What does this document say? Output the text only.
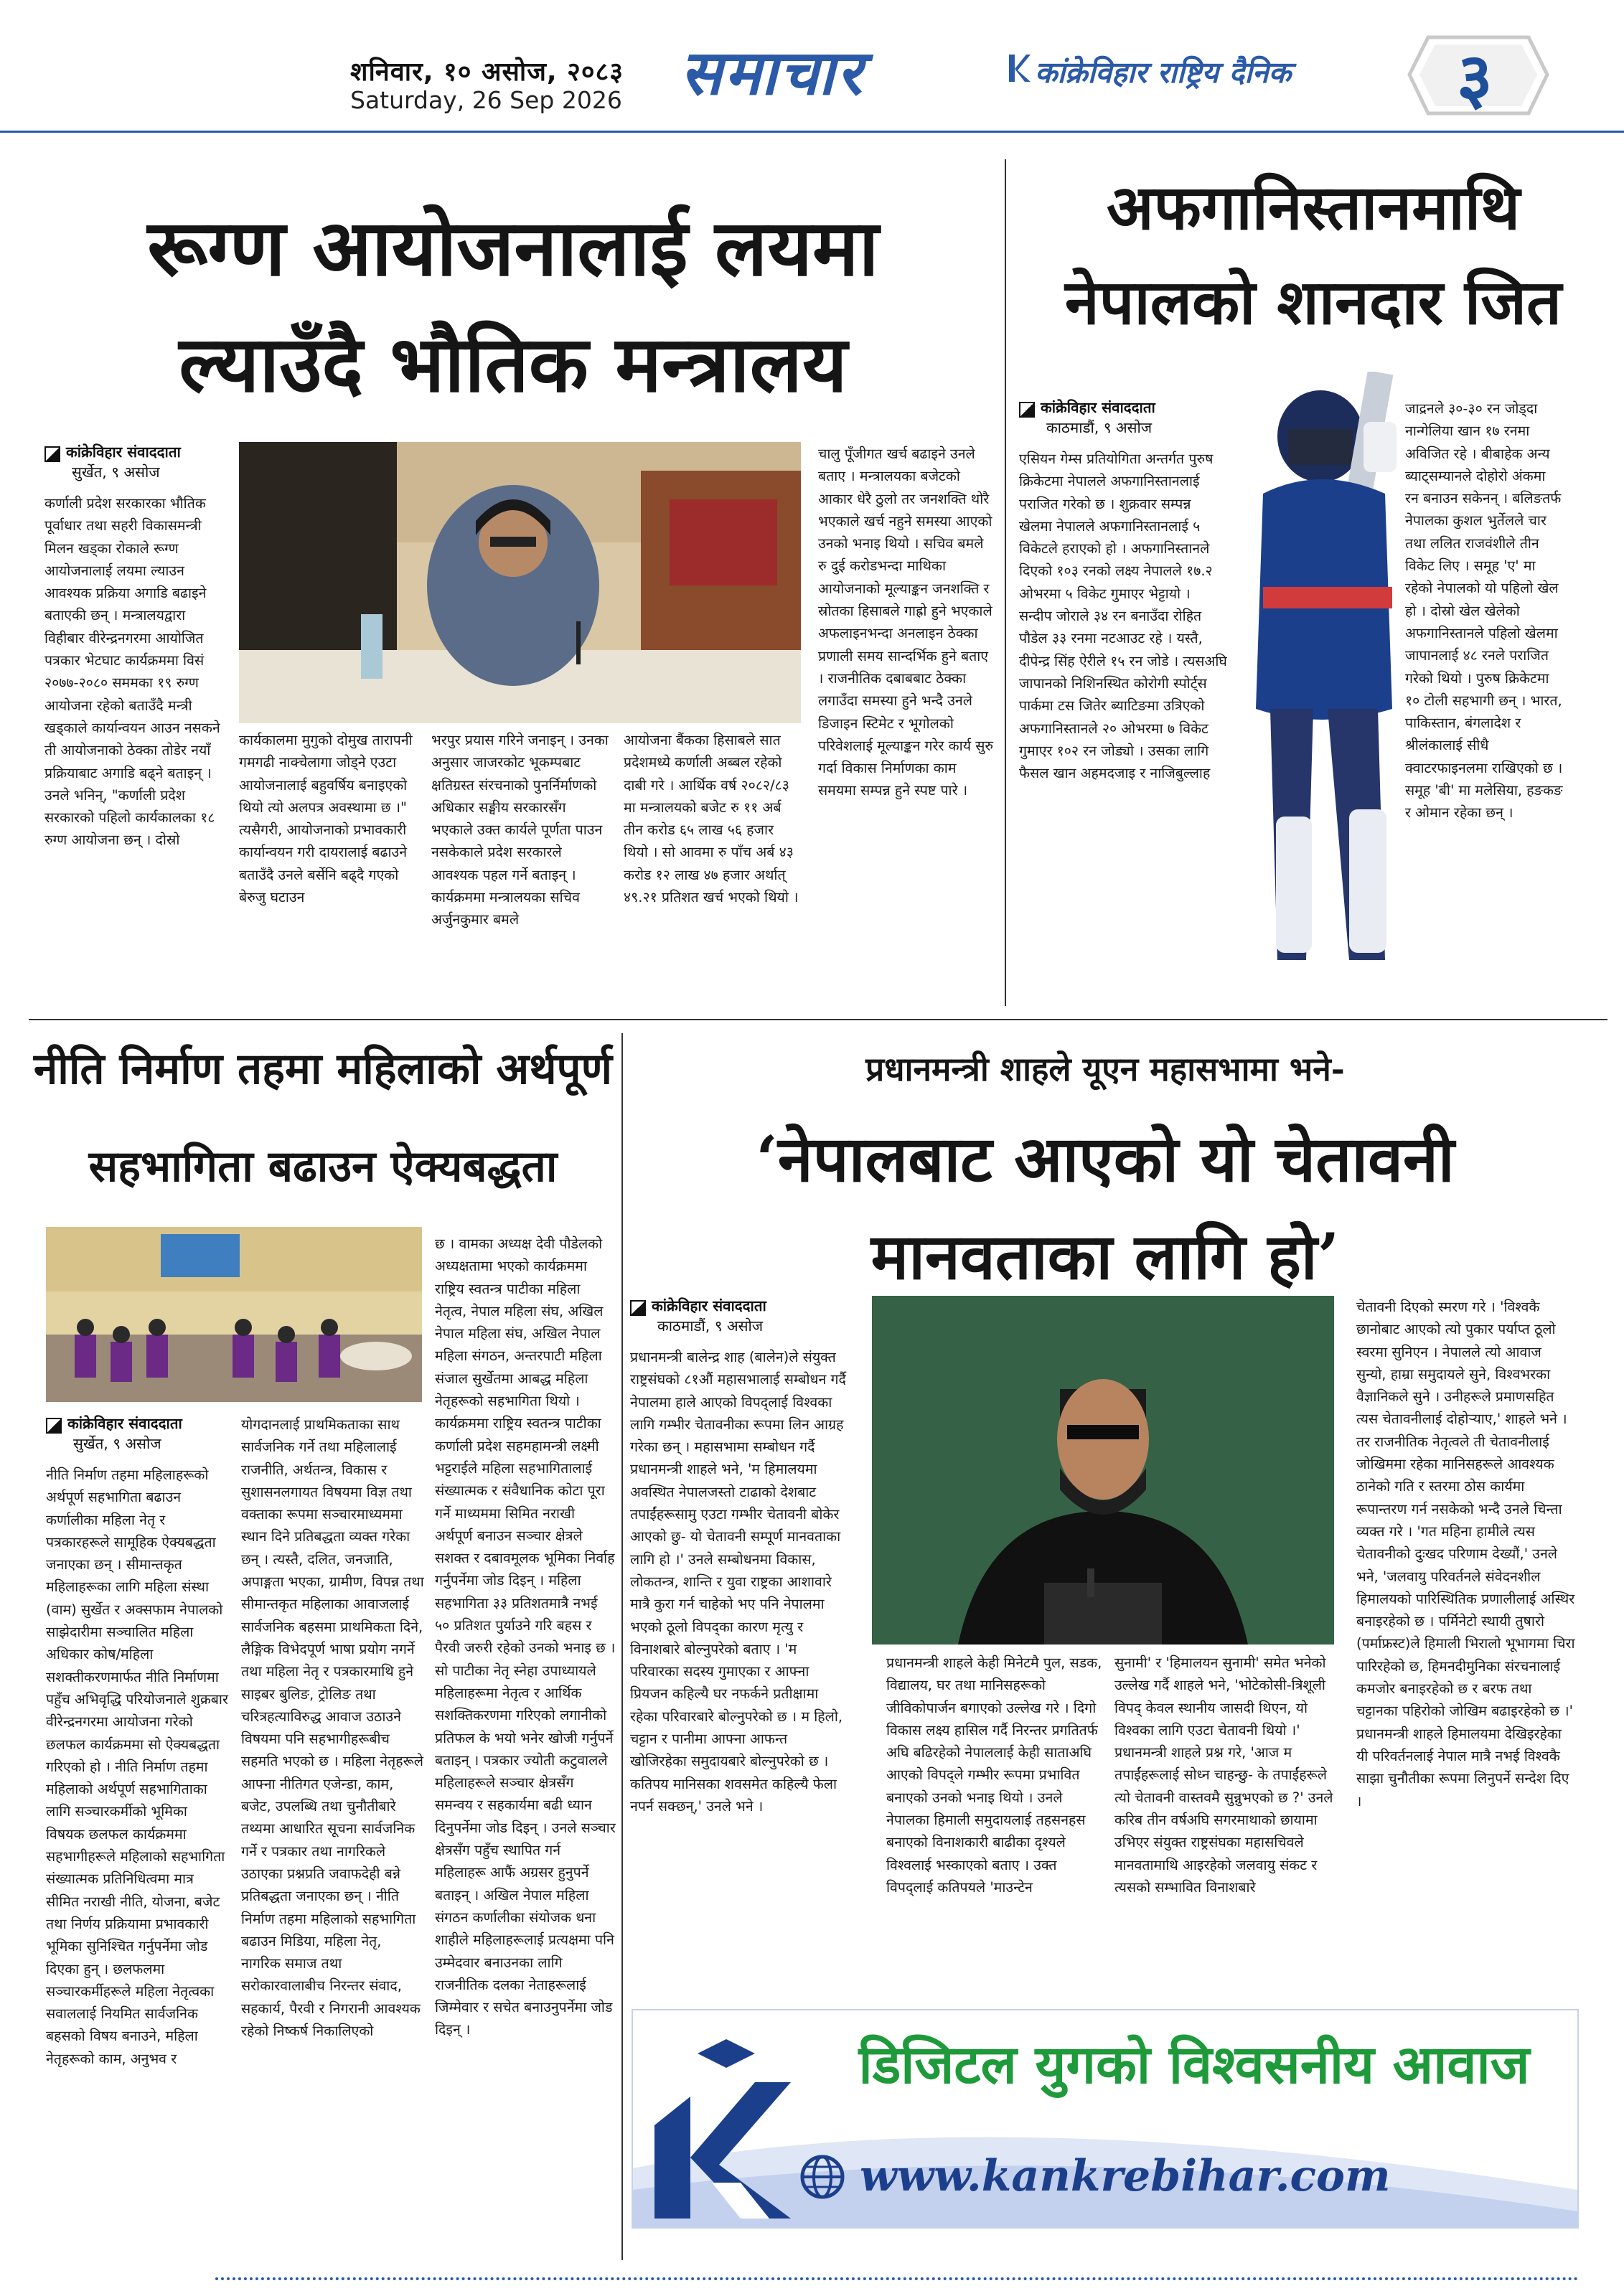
शनिवार, १० असोज, २०८३
Saturday, 26 Sep 2026 समाचार	कांक्रेविहार राष्ट्रिय दैनिक ३
रूग्ण आयोजनालाई लयमा
ल्याउँदै भौतिक मन्त्रालय
कांक्रेविहार संवाददाता
सुर्खेत, ९ असोज
कर्णाली प्रदेश सरकारका भौतिक पूर्वाधार तथा सहरी विकासमन्त्री मिलन खड्का रोकाले रूग्ण आयोजनालाई लयमा ल्याउन आवश्यक प्रक्रिया अगाडि बढाइने बताएकी छन् । मन्त्रालयद्वारा विहीबार वीरेन्द्रनगरमा आयोजित पत्रकार भेटघाट कार्यक्रममा विसं २०७७-२०८० सममका १९ रुग्ण आयोजना रहेको बताउँदै मन्त्री खड्काले कार्यान्वयन आउन नसकने ती आयोजनाको ठेक्का तोडेर नयाँ प्रक्रियाबाट अगाडि बढ्ने बताइन् । उनले भनिन्, "कर्णाली प्रदेश सरकारको पहिलो कार्यकालका १८ रुग्ण आयोजना छन् । दोस्रो
कार्यकालमा मुगुको दोमुख तारापनी गमगढी नाक्चेलागा जोड्ने एउटा आयोजनालाई बहुवर्षिय बनाइएको थियो त्यो अलपत्र अवस्थामा छ ।" त्यसैगरी, आयोजनाको प्रभावकारी कार्यान्वयन गरी दायरालाई बढाउने बताउँदै उनले बर्सेनि बढ्दै गएको बेरुजु घटाउन
भरपुर प्रयास गरिने जनाइन् । उनका अनुसार जाजरकोट भूकम्पबाट क्षतिग्रस्त संरचनाको पुनर्निर्माणको अधिकार सङ्घीय सरकारसँग भएकाले उक्त कार्यले पूर्णता पाउन नसकेकाले प्रदेश सरकारले आवश्यक पहल गर्ने बताइन् । कार्यक्रममा मन्त्रालयका सचिव अर्जुनकुमार बमले
आयोजना बैंकका हिसाबले सात प्रदेशमध्ये कर्णाली अब्बल रहेको दाबी गरे । आर्थिक वर्ष २०८२/८३ मा मन्त्रालयको बजेट रु ११ अर्ब तीन करोड ६५ लाख ५६ हजार थियो । सो आवमा रु पाँच अर्ब ४३ करोड १२ लाख ४७ हजार अर्थात् ४९.२१ प्रतिशत खर्च भएको थियो ।
चालु पूँजीगत खर्च बढाइने उनले बताए । मन्त्रालयका बजेटको आकार धेरै ठुलो तर जनशक्ति थोरै भएकाले खर्च नहुने समस्या आएको उनको भनाइ थियो । सचिव बमले रु दुई करोडभन्दा माथिका आयोजनाको मूल्याङ्कन जनशक्ति र स्रोतका हिसाबले गाह्रो हुने भएकाले अफलाइनभन्दा अनलाइन ठेक्का प्रणाली समय सान्दर्भिक हुने बताए । राजनीतिक दबाबबाट ठेक्का लगाउँदा समस्या हुने भन्दै उनले डिजाइन स्टिमेट र भूगोलको परिवेशलाई मूल्याङ्कन गरेर कार्य सुरु गर्दा विकास निर्माणका काम समयमा सम्पन्न हुने स्पष्ट पारे ।
अफगानिस्तानमाथि
नेपालको शानदार जित
कांक्रेविहार संवाददाता
काठमाडौं, ९ असोज
एसियन गेम्स प्रतियोगिता अन्तर्गत पुरुष क्रिकेटमा नेपालले अफगानिस्तानलाई पराजित गरेको छ । शुक्रवार सम्पन्न खेलमा नेपालले अफगानिस्तानलाई ५ विकेटले हराएको हो । अफगानिस्तानले दिएको १०३ रनको लक्ष्य नेपालले १७.२ ओभरमा ५ विकेट गुमाएर भेट्टायो । सन्दीप जोराले ३४ रन बनाउँदा रोहित पौडेल ३३ रनमा नटआउट रहे । यस्तै, दीपेन्द्र सिंह ऐरीले १५ रन जोडे । त्यसअघि जापानको निशिनस्थित कोरोगी स्पोर्ट्स पार्कमा टस जितेर ब्याटिङमा उत्रिएको अफगानिस्तानले २० ओभरमा ७ विकेट गुमाएर १०२ रन जोड्यो । उसका लागि फैसल खान अहमदजाइ र नाजिबुल्लाह
जाद्रनले ३०-३० रन जोड्दा नान्गेलिया खान १७ रनमा अविजित रहे । बीबाहेक अन्य ब्याट्सम्यानले दोहोरो अंकमा रन बनाउन सकेनन् । बलिङतर्फ नेपालका कुशल भुर्तेलले चार तथा ललित राजवंशीले तीन विकेट लिए । समूह 'ए' मा रहेको नेपालको यो पहिलो खेल हो । दोस्रो खेल खेलेको अफगानिस्तानले पहिलो खेलमा जापानलाई ४८ रनले पराजित गरेको थियो । पुरुष क्रिकेटमा १० टोली सहभागी छन् । भारत, पाकिस्तान, बंगलादेश र श्रीलंकालाई सीधै क्वाटरफाइनलमा राखिएको छ । समूह 'बी' मा मलेसिया, हङकङ र ओमान रहेका छन् ।
नीति निर्माण तहमा महिलाको अर्थपूर्ण
सहभागिता बढाउन ऐक्यबद्धता
कांक्रेविहार संवाददाता
सुर्खेत, ९ असोज
नीति निर्माण तहमा महिलाहरूको अर्थपूर्ण सहभागिता बढाउन कर्णालीका महिला नेतृ र पत्रकारहरूले सामूहिक ऐक्यबद्धता जनाएका छन् । सीमान्तकृत महिलाहरूका लागि महिला संस्था (वाम) सुर्खेत र अक्सफाम नेपालको साझेदारीमा सञ्चालित महिला अधिकार कोष/महिला सशक्तीकरणमार्फत नीति निर्माणमा पहुँच अभिवृद्धि परियोजनाले शुक्रबार वीरेन्द्रनगरमा आयोजना गरेको छलफल कार्यक्रममा सो ऐक्यबद्धता गरिएको हो । नीति निर्माण तहमा महिलाको अर्थपूर्ण सहभागिताका लागि सञ्चारकर्मीको भूमिका विषयक छलफल कार्यक्रममा सहभागीहरूले महिलाको सहभागिता संख्यात्मक प्रतिनिधित्वमा मात्र सीमित नराखी नीति, योजना, बजेट तथा निर्णय प्रक्रियामा प्रभावकारी भूमिका सुनिश्चित गर्नुपर्नेमा जोड दिएका हुन् । छलफलमा सञ्चारकर्मीहरूले महिला नेतृत्वका सवाललाई नियमित सार्वजनिक बहसको विषय बनाउने, महिला नेतृहरूको काम, अनुभव र
योगदानलाई प्राथमिकताका साथ सार्वजनिक गर्ने तथा महिलालाई राजनीति, अर्थतन्त्र, विकास र सुशासनलगायत विषयमा विज्ञ तथा वक्ताका रूपमा सञ्चारमाध्यममा स्थान दिने प्रतिबद्धता व्यक्त गरेका छन् । त्यस्तै, दलित, जनजाति, अपाङ्गता भएका, ग्रामीण, विपन्न तथा सीमान्तकृत महिलाका आवाजलाई सार्वजनिक बहसमा प्राथमिकता दिने, लैङ्गिक विभेदपूर्ण भाषा प्रयोग नगर्ने तथा महिला नेतृ र पत्रकारमाथि हुने साइबर बुलिङ, ट्रोलिङ तथा चरित्रहत्याविरुद्ध आवाज उठाउने विषयमा पनि सहभागीहरूबीच सहमति भएको छ । महिला नेतृहरूले आफ्ना नीतिगत एजेन्डा, काम, बजेट, उपलब्धि तथा चुनौतीबारे तथ्यमा आधारित सूचना सार्वजनिक गर्ने र पत्रकार तथा नागरिकले उठाएका प्रश्नप्रति जवाफदेही बन्ने प्रतिबद्धता जनाएका छन् । नीति निर्माण तहमा महिलाको सहभागिता बढाउन मिडिया, महिला नेतृ, नागरिक समाज तथा सरोकारवालाबीच निरन्तर संवाद, सहकार्य, पैरवी र निगरानी आवश्यक रहेको निष्कर्ष निकालिएको
छ । वामका अध्यक्ष देवी पौडेलको अध्यक्षतामा भएको कार्यक्रममा राष्ट्रिय स्वतन्त्र पाटीका महिला नेतृत्व, नेपाल महिला संघ, अखिल नेपाल महिला संघ, अखिल नेपाल महिला संगठन, अन्तरपाटी महिला संजाल सुर्खेतमा आबद्ध महिला नेतृहरूको सहभागिता थियो । कार्यक्रममा राष्ट्रिय स्वतन्त्र पाटीका कर्णाली प्रदेश सहमहामन्त्री लक्ष्मी भट्टराईले महिला सहभागितालाई संख्यात्मक र संवैधानिक कोटा पूरा गर्ने माध्यममा सिमित नराखी अर्थपूर्ण बनाउन सञ्चार क्षेत्रले सशक्त र दबावमूलक भूमिका निर्वाह गर्नुपर्नेमा जोड दिइन् । महिला सहभागिता ३३ प्रतिशतमात्रै नभई ५० प्रतिशत पुर्याउने गरि बहस र पैरवी जरुरी रहेको उनको भनाइ छ । सो पाटीका नेतृ स्नेहा उपाध्यायले महिलाहरूमा नेतृत्व र आर्थिक सशक्तिकरणमा गरिएको लगानीको प्रतिफल के भयो भनेर खोजी गर्नुपर्ने बताइन् । पत्रकार ज्योती कटुवालले महिलाहरूले सञ्चार क्षेत्रसँग समन्वय र सहकार्यमा बढी ध्यान दिनुपर्नेमा जोड दिइन् । उनले सञ्चार क्षेत्रसँग पहुँच स्थापित गर्न महिलाहरू आफैं अग्रसर हुनुपर्ने बताइन् । अखिल नेपाल महिला संगठन कर्णालीका संयोजक धना शाहीले महिलाहरूलाई प्रत्यक्षमा पनि उम्मेदवार बनाउनका लागि राजनीतिक दलका नेताहरूलाई जिम्मेवार र सचेत बनाउनुपर्नेमा जोड दिइन् ।
प्रधानमन्त्री शाहले यूएन महासभामा भने-
‘नेपालबाट आएको यो चेतावनी
मानवताका लागि हो’
कांक्रेविहार संवाददाता
काठमाडौं, ९ असोज
प्रधानमन्त्री बालेन्द्र शाह (बालेन)ले संयुक्त राष्ट्रसंघको ८१औं महासभालाई सम्बोधन गर्दै नेपालमा हाले आएको विपद्लाई विश्वका लागि गम्भीर चेतावनीका रूपमा लिन आग्रह गरेका छन् । महासभामा सम्बोधन गर्दै प्रधानमन्त्री शाहले भने, 'म हिमालयमा अवस्थित नेपालजस्तो टाढाको देशबाट तपाईंहरूसामु एउटा गम्भीर चेतावनी बोकेर आएको छु- यो चेतावनी सम्पूर्ण मानवताका लागि हो ।' उनले सम्बोधनमा विकास, लोकतन्त्र, शान्ति र युवा राष्ट्रका आशावारे मात्रै कुरा गर्न चाहेको भए पनि नेपालमा भएको ठूलो विपद्का कारण मृत्यु र विनाशबारे बोल्नुपरेको बताए । 'म परिवारका सदस्य गुमाएका र आफ्ना प्रियजन कहिल्यै घर नफर्कने प्रतीक्षामा रहेका परिवारबारे बोल्नुपरेको छ । म हिलो, चट्टान र पानीमा आफ्ना आफन्त खोजिरहेका समुदायबारे बोल्नुपरेको छ । कतिपय मानिसका शवसमेत कहिल्यै फेला नपर्न सक्छन्,' उनले भने ।
प्रधानमन्त्री शाहले केही मिनेटमै पुल, सडक, विद्यालय, घर तथा मानिसहरूको जीविकोपार्जन बगाएको उल्लेख गरे । दिगो विकास लक्ष्य हासिल गर्दै निरन्तर प्रगतितर्फ अघि बढिरहेको नेपाललाई केही साताअघि आएको विपद्ले गम्भीर रूपमा प्रभावित बनाएको उनको भनाइ थियो । उनले नेपालका हिमाली समुदायलाई तहसनहस बनाएको विनाशकारी बाढीका दृश्यले विश्वलाई भस्काएको बताए । उक्त विपद्लाई कतिपयले 'माउन्टेन
सुनामी' र 'हिमालयन सुनामी' समेत भनेको उल्लेख गर्दै शाहले भने, 'भोटेकोसी-त्रिशूली विपद् केवल स्थानीय जासदी थिएन, यो विश्वका लागि एउटा चेतावनी थियो ।' प्रधानमन्त्री शाहले प्रश्न गरे, 'आज म तपाईंहरूलाई सोध्न चाहन्छु- के तपाईंहरूले त्यो चेतावनी वास्तवमै सुन्नुभएको छ ?' उनले करिब तीन वर्षअघि सगरमाथाको छायामा उभिएर संयुक्त राष्ट्रसंघका महासचिवले मानवतामाथि आइरहेको जलवायु संकट र त्यसको सम्भावित विनाशबारे
चेतावनी दिएको स्मरण गरे । 'विश्वकै छानोबाट आएको त्यो पुकार पर्याप्त ठूलो स्वरमा सुनिएन । नेपालले त्यो आवाज सुन्यो, हाम्रा समुदायले सुने, विश्वभरका वैज्ञानिकले सुने । उनीहरूले प्रमाणसहित त्यस चेतावनीलाई दोहोऱ्याए,' शाहले भने । तर राजनीतिक नेतृत्वले ती चेतावनीलाई जोखिममा रहेका मानिसहरूले आवश्यक ठानेको गति र स्तरमा ठोस कार्यमा रूपान्तरण गर्न नसकेको भन्दै उनले चिन्ता व्यक्त गरे । 'गत महिना हामीले त्यस चेतावनीको दुःखद परिणाम देख्यौं,' उनले भने, 'जलवायु परिवर्तनले संवेदनशील हिमालयको पारिस्थितिक प्रणालीलाई अस्थिर बनाइरहेको छ । पर्मिनेटो स्थायी तुषारो (पर्माफ्रस्ट)ले हिमाली भिरालो भूभागमा चिरा पारिरहेको छ, हिमनदीमुनिका संरचनालाई कमजोर बनाइरहेको छ र बरफ तथा चट्टानका पहिरोको जोखिम बढाइरहेको छ ।' प्रधानमन्त्री शाहले हिमालयमा देखिइरहेका यी परिवर्तनलाई नेपाल मात्रै नभई विश्वकै साझा चुनौतीका रूपमा लिनुपर्ने सन्देश दिए ।
डिजिटल युगको विश्वसनीय आवाज
www.kankrebihar.com
